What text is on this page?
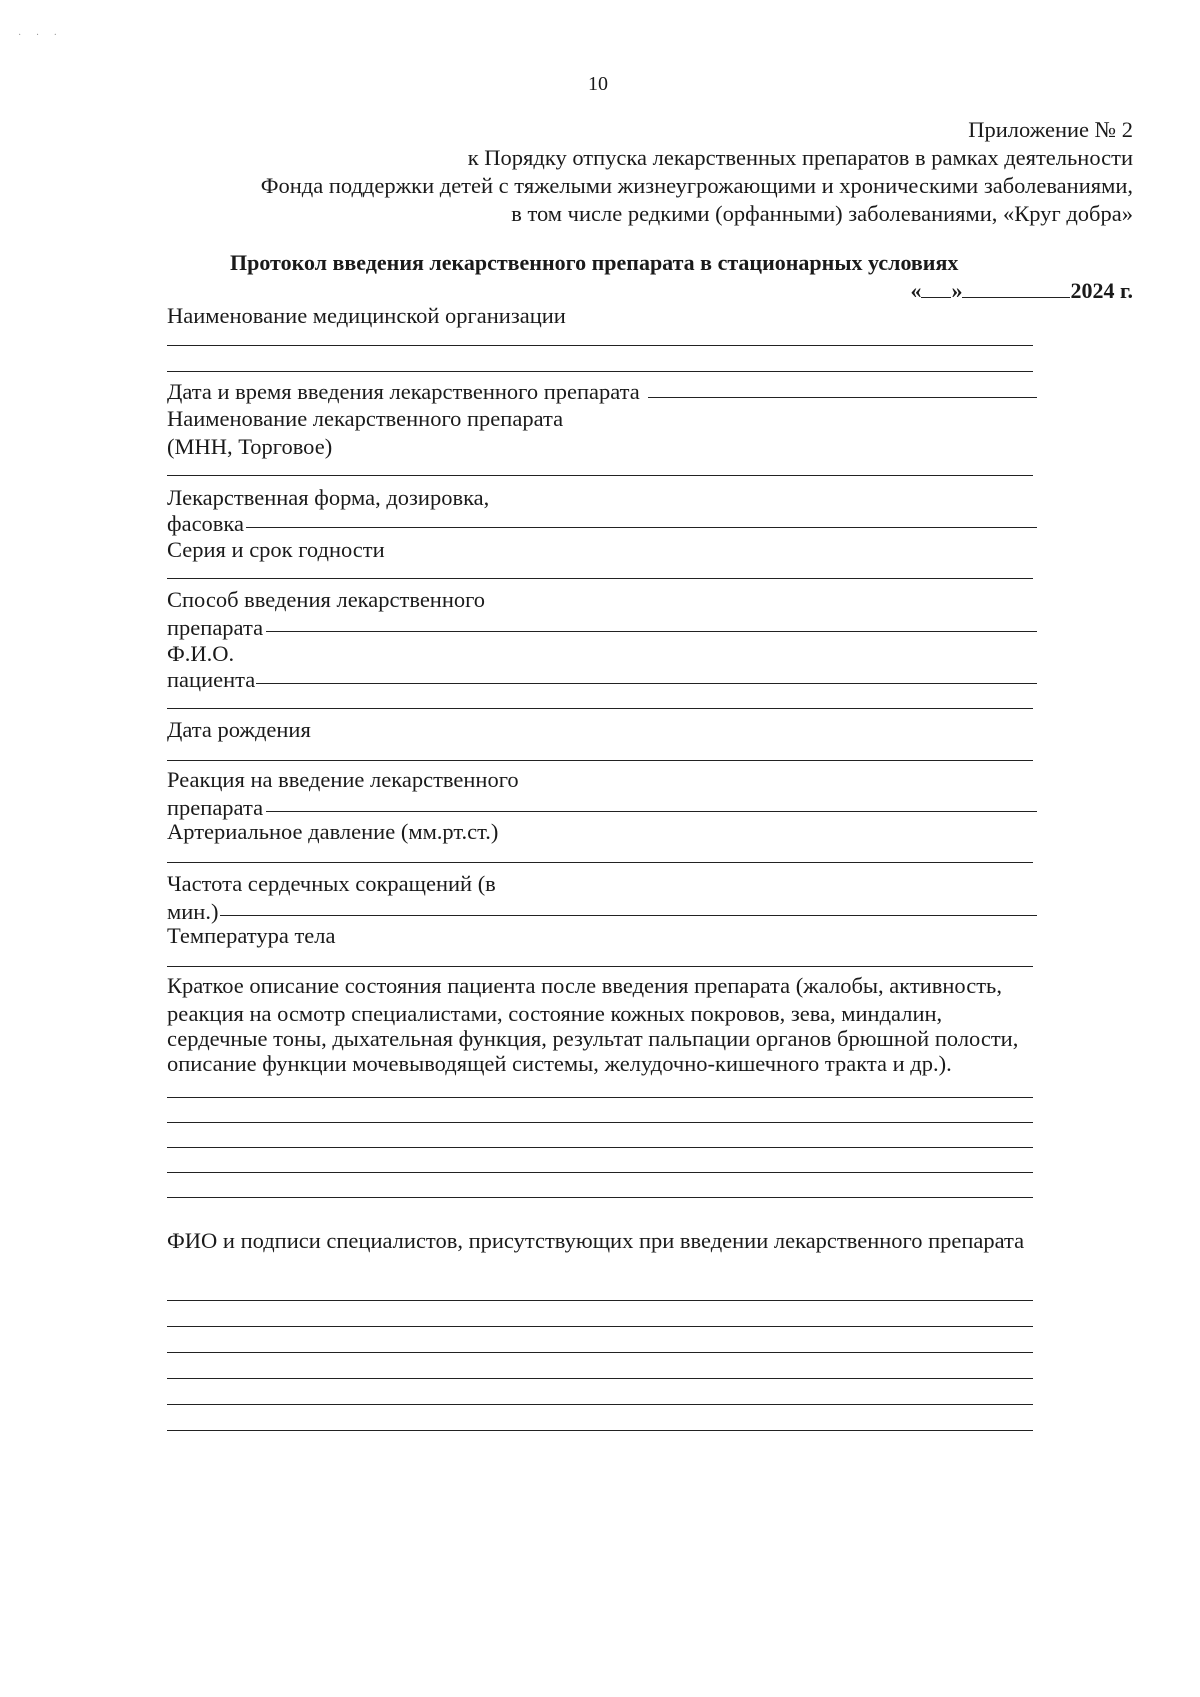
· · ·
10
Приложение № 2
к Порядку отпуска лекарственных препаратов в рамках деятельности
Фонда поддержки детей с тяжелыми жизнеугрожающими и хроническими заболеваниями,
в том числе редкими (орфанными) заболеваниями, «Круг добра»
Протокол введения лекарственного препарата в стационарных условиях
« »	2024 г.
Наименование медицинской организации
Дата и время введения лекарственного препарата
Наименование лекарственного препарата
(МНН, Торговое)
Лекарственная форма, дозировка,
фасовка
Серия и срок годности
Способ введения лекарственного
препарата
Ф.И.О.
пациента
Дата рождения
Реакция на введение лекарственного
препарата
Артериальное давление (мм.рт.ст.)
Частота сердечных сокращений (в
мин.)
Температура тела
Краткое описание состояния пациента после введения препарата (жалобы, активность,
реакция на осмотр специалистами, состояние кожных покровов, зева, миндалин,
сердечные тоны, дыхательная функция, результат пальпации органов брюшной полости,
описание функции мочевыводящей системы, желудочно-кишечного тракта и др.).
ФИО и подписи специалистов, присутствующих при введении лекарственного препарата
